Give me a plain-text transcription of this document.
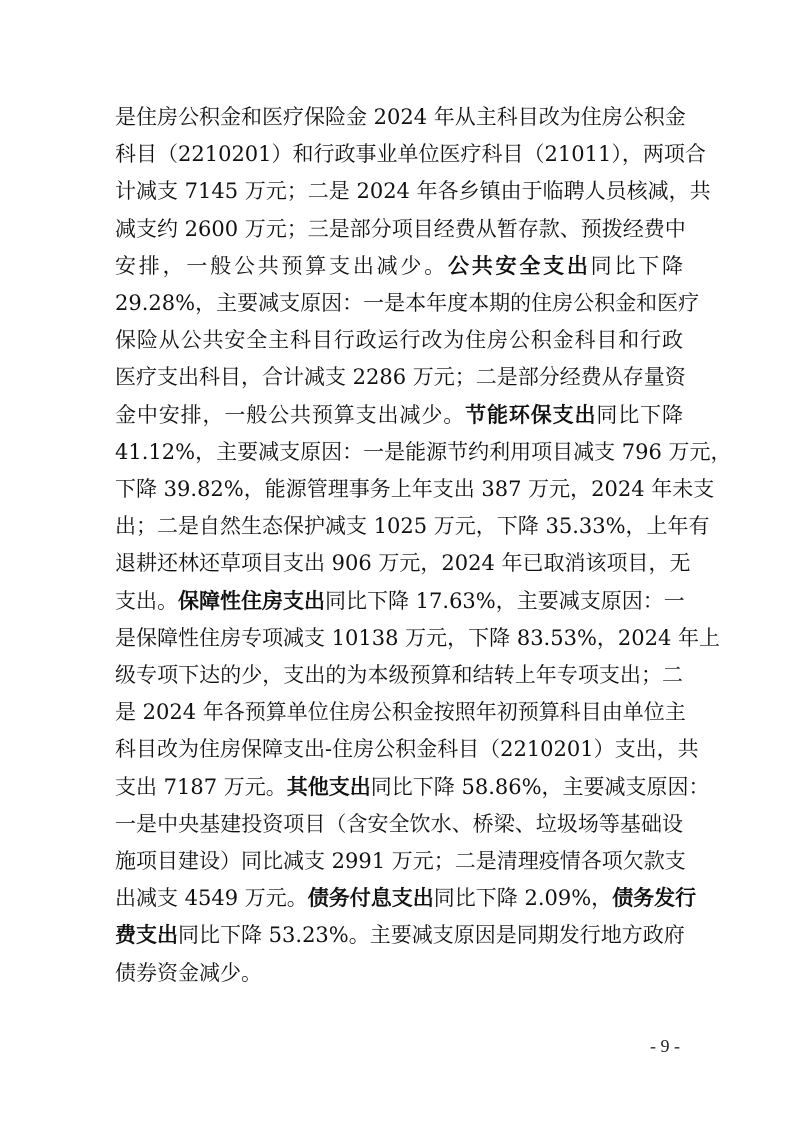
是住房公积金和医疗保险金 2024 年从主科目改为住房公积金
科目（2210201）和行政事业单位医疗科目（21011），两项合
计减支 7145 万元；二是 2024 年各乡镇由于临聘人员核减，共
减支约 2600 万元；三是部分项目经费从暂存款、预拨经费中
安排，一般公共预算支出减少。公共安全支出同比下降
29.28%，主要减支原因：一是本年度本期的住房公积金和医疗
保险从公共安全主科目行政运行改为住房公积金科目和行政
医疗支出科目，合计减支 2286 万元；二是部分经费从存量资
金中安排，一般公共预算支出减少。节能环保支出同比下降
41.12%，主要减支原因：一是能源节约利用项目减支 796 万元，
下降 39.82%，能源管理事务上年支出 387 万元，2024 年未支
出；二是自然生态保护减支 1025 万元，下降 35.33%，上年有
退耕还林还草项目支出 906 万元，2024 年已取消该项目，无
支出。保障性住房支出同比下降 17.63%，主要减支原因：一
是保障性住房专项减支 10138 万元，下降 83.53%，2024 年上
级专项下达的少，支出的为本级预算和结转上年专项支出；二
是 2024 年各预算单位住房公积金按照年初预算科目由单位主
科目改为住房保障支出-住房公积金科目（2210201）支出，共
支出 7187 万元。其他支出同比下降 58.86%，主要减支原因：
一是中央基建投资项目（含安全饮水、桥梁、垃圾场等基础设
施项目建设）同比减支 2991 万元；二是清理疫情各项欠款支
出减支 4549 万元。债务付息支出同比下降 2.09%，债务发行
费支出同比下降 53.23%。主要减支原因是同期发行地方政府
债券资金减少。
- 9 -
